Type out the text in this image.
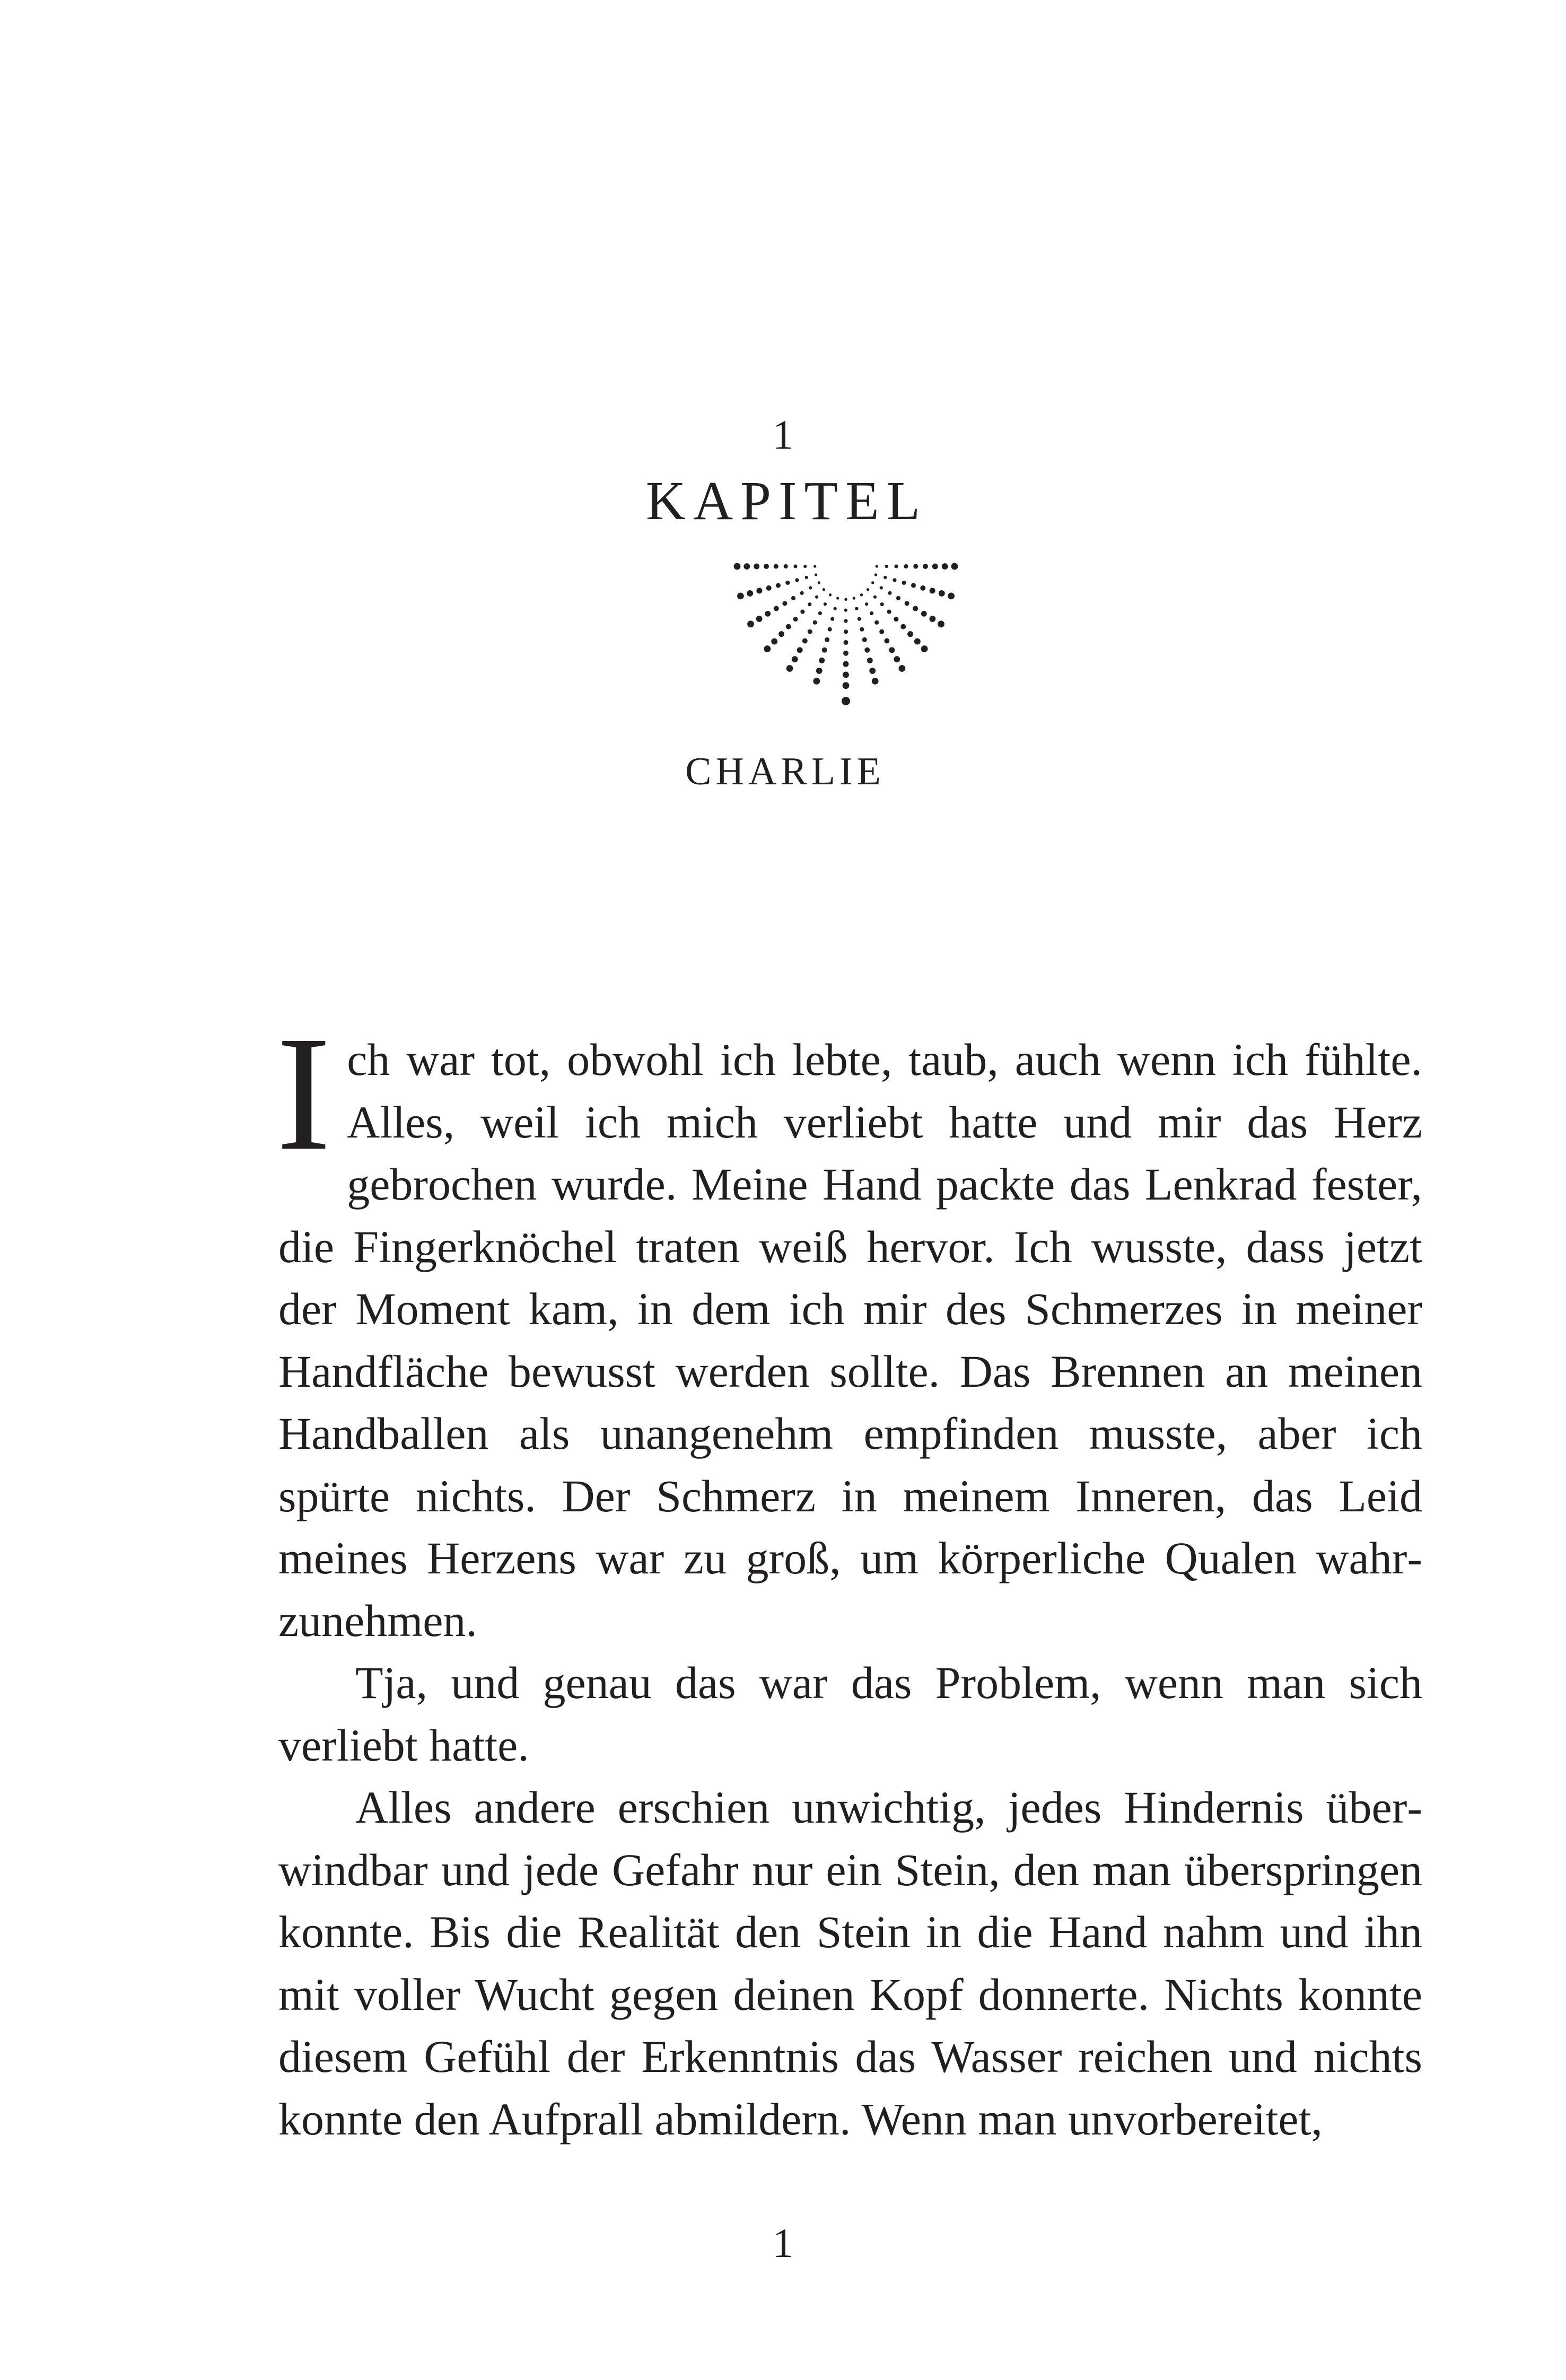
1
KAPITEL
CHARLIE

Ich war tot, obwohl ich lebte, taub, auch wenn ich fühlte. Alles, weil ich mich verliebt hatte und mir das Herz gebrochen wurde. Meine Hand packte das Lenkrad fester, die Fingerknöchel traten weiß hervor. Ich wusste, dass jetzt der Moment kam, in dem ich mir des Schmerzes in meiner Handfläche bewusst werden sollte. Das Brennen an meinen Handballen als unangenehm empfinden musste, aber ich spürte nichts. Der Schmerz in meinem Inneren, das Leid meines Herzens war zu groß, um körperliche Qualen wahrzunehmen.

Tja, und genau das war das Problem, wenn man sich verliebt hatte.

Alles andere erschien unwichtig, jedes Hindernis überwindbar und jede Gefahr nur ein Stein, den man überspringen konnte. Bis die Realität den Stein in die Hand nahm und ihn mit voller Wucht gegen deinen Kopf donnerte. Nichts konnte diesem Gefühl der Erkenntnis das Wasser reichen und nichts konnte den Aufprall abmildern. Wenn man unvorbereitet,

1
